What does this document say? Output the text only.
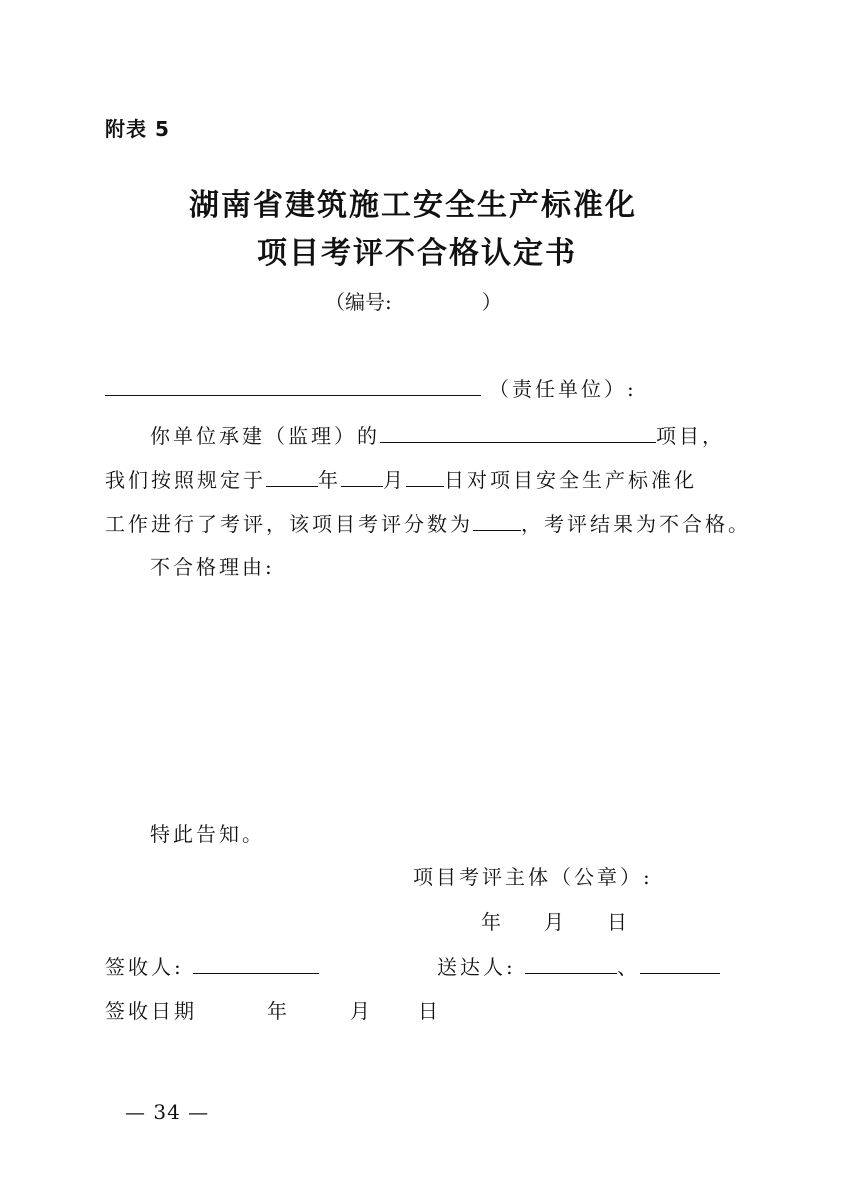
附表 5
湖南省建筑施工安全生产标准化
项目考评不合格认定书
（编号:	）
（责任单位）:
你单位承建（监理）的	项目，
我们按照规定于	年 月 日对项目安全生产标准化
工作进行了考评，该项目考评分数为 ，考评结果为不合格。
不合格理由:
特此告知。
项目考评主体（公章）:
年 月 日
签收人:	送达人:	、
签收日期	年	月 日
— 34 —
